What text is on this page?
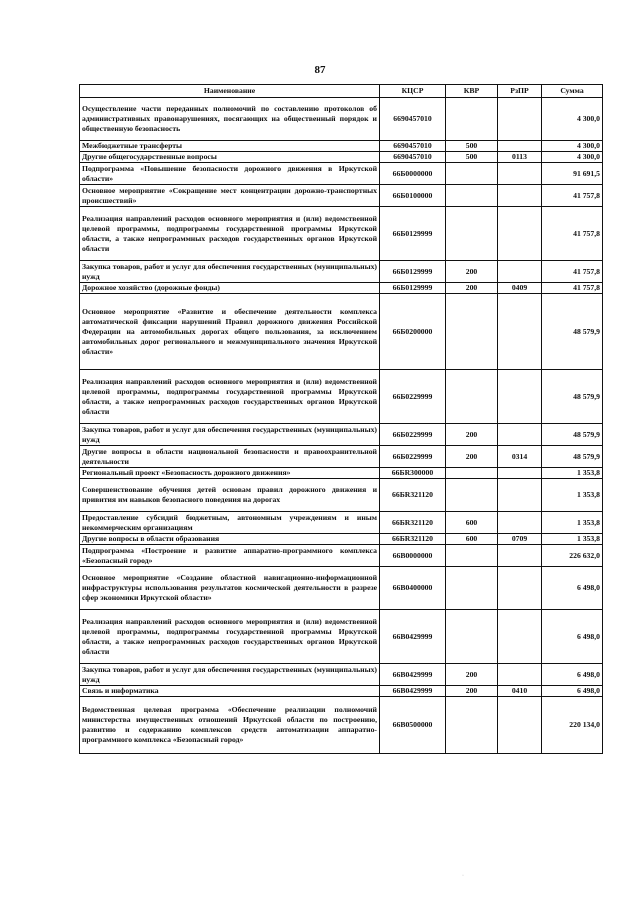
87
Наименование	КЦСР	КВР	РзПР	Сумма
Осуществление части переданных полномочий по составлению протоколов об административных правонарушениях, посягающих на общественный порядок и общественную безопасность	6690457010			4 300,0
Межбюджетные трансферты	6690457010	500		4 300,0
Другие общегосударственные вопросы	6690457010	500	0113	4 300,0
Подпрограмма «Повышение безопасности дорожного движения в Иркутской области»	66Б0000000			91 691,5
Основное мероприятие «Сокращение мест концентрации дорожно-транспортных происшествий»	66Б0100000			41 757,8
Реализация направлений расходов основного мероприятия и (или) ведомственной целевой программы, подпрограммы государственной программы Иркутской области, а также непрограммных расходов государственных органов Иркутской области	66Б0129999			41 757,8
Закупка товаров, работ и услуг для обеспечения государственных (муниципальных) нужд	66Б0129999	200		41 757,8
Дорожное хозяйство (дорожные фонды)	66Б0129999	200	0409	41 757,8
Основное мероприятие «Развитие и обеспечение деятельности комплекса автоматической фиксации нарушений Правил дорожного движения Российской Федерации на автомобильных дорогах общего пользования, за исключением автомобильных дорог регионального и межмуниципального значения Иркутской области»	66Б0200000			48 579,9
Реализация направлений расходов основного мероприятия и (или) ведомственной целевой программы, подпрограммы государственной программы Иркутской области, а также непрограммных расходов государственных органов Иркутской области	66Б0229999			48 579,9
Закупка товаров, работ и услуг для обеспечения государственных (муниципальных) нужд	66Б0229999	200		48 579,9
Другие вопросы в области национальной безопасности и правоохранительной деятельности	66Б0229999	200	0314	48 579,9
Региональный проект «Безопасность дорожного движения»	66БR300000			1 353,8
Совершенствование обучения детей основам правил дорожного движения и привития им навыков безопасного поведения на дорогах	66БR321120			1 353,8
Предоставление субсидий бюджетным, автономным учреждениям и иным некоммерческим организациям	66БR321120	600		1 353,8
Другие вопросы в области образования	66БR321120	600	0709	1 353,8
Подпрограмма «Построение и развитие аппаратно-программного комплекса «Безопасный город»	66В0000000			226 632,0
Основное мероприятие «Создание областной навигационно-информационной инфраструктуры использования результатов космической деятельности в разрезе сфер экономики Иркутской области»	66В0400000			6 498,0
Реализация направлений расходов основного мероприятия и (или) ведомственной целевой программы, подпрограммы государственной программы Иркутской области, а также непрограммных расходов государственных органов Иркутской области	66В0429999			6 498,0
Закупка товаров, работ и услуг для обеспечения государственных (муниципальных) нужд	66В0429999	200		6 498,0
Связь и информатика	66В0429999	200	0410	6 498,0
Ведомственная целевая программа «Обеспечение реализации полномочий министерства имущественных отношений Иркутской области по построению, развитию и содержанию комплексов средств автоматизации аппаратно-программного комплекса «Безопасный город»	66В0500000			220 134,0
·
